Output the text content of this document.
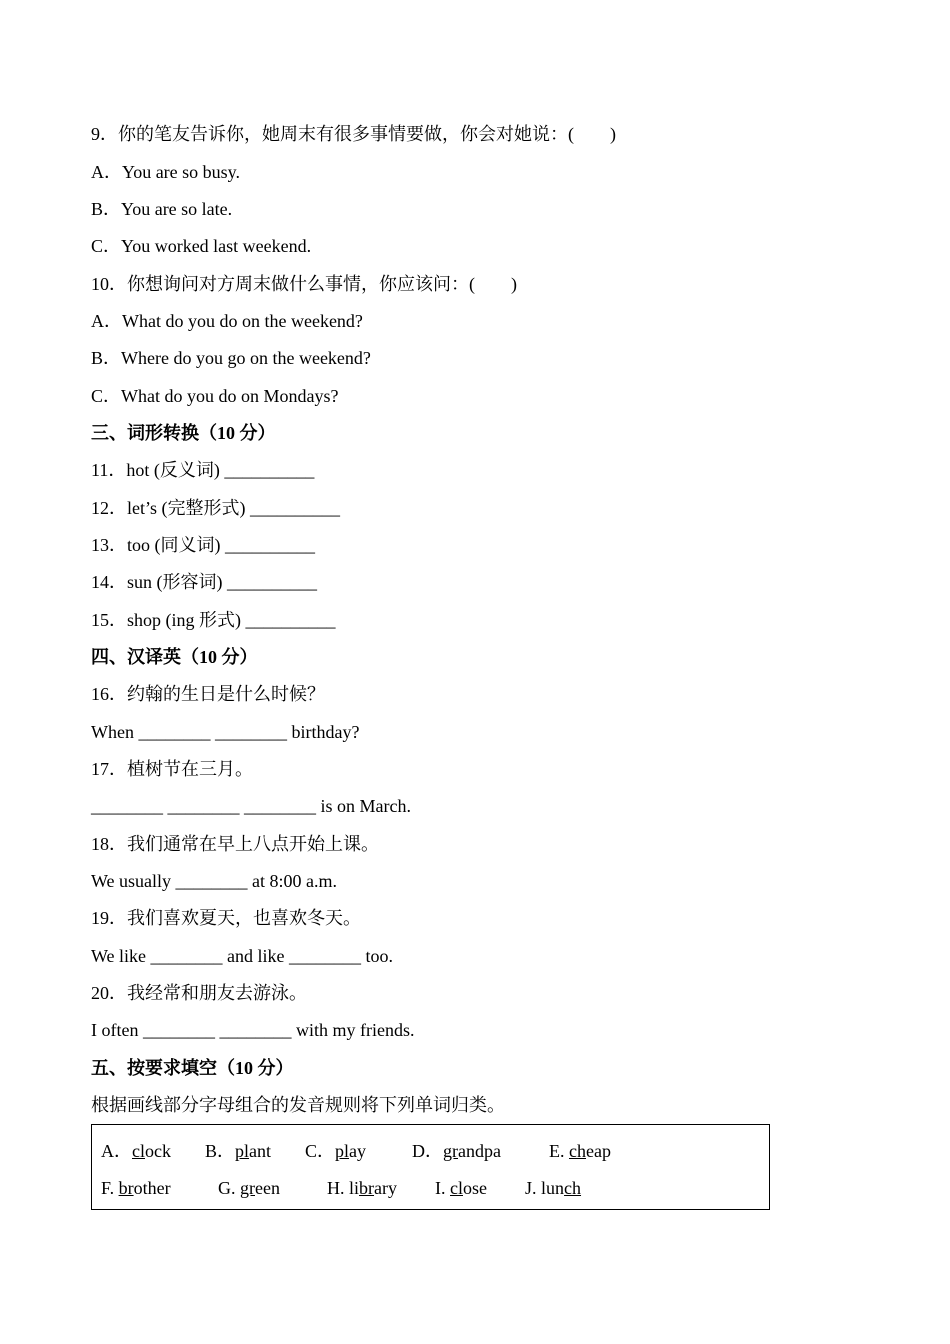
9．你的笔友告诉你，她周末有很多事情要做，你会对她说：(　　)
A．You are so busy.
B．You are so late.
C．You worked last weekend.
10．你想询问对方周末做什么事情，你应该问：(　　)
A．What do you do on the weekend?
B．Where do you go on the weekend?
C．What do you do on Mondays?
三、词形转换（10 分）
11．hot (反义词) __________
12．let’s (完整形式) __________
13．too (同义词) __________
14．sun (形容词) __________
15．shop (ing 形式) __________
四、汉译英（10 分）
16．约翰的生日是什么时候？
When ________ ________ birthday?
17．植树节在三月。
________ ________ ________ is on March.
18．我们通常在早上八点开始上课。
We usually ________ at 8:00 a.m.
19．我们喜欢夏天，也喜欢冬天。
We like ________ and like ________ too.
20．我经常和朋友去游泳。
I often ________ ________ with my friends.
五、按要求填空（10 分）
根据画线部分字母组合的发音规则将下列单词归类。
A．clock B．plant C．play	D．grandpa	E. cheap
F. brother	G. green	H. library I. close J. lunch
